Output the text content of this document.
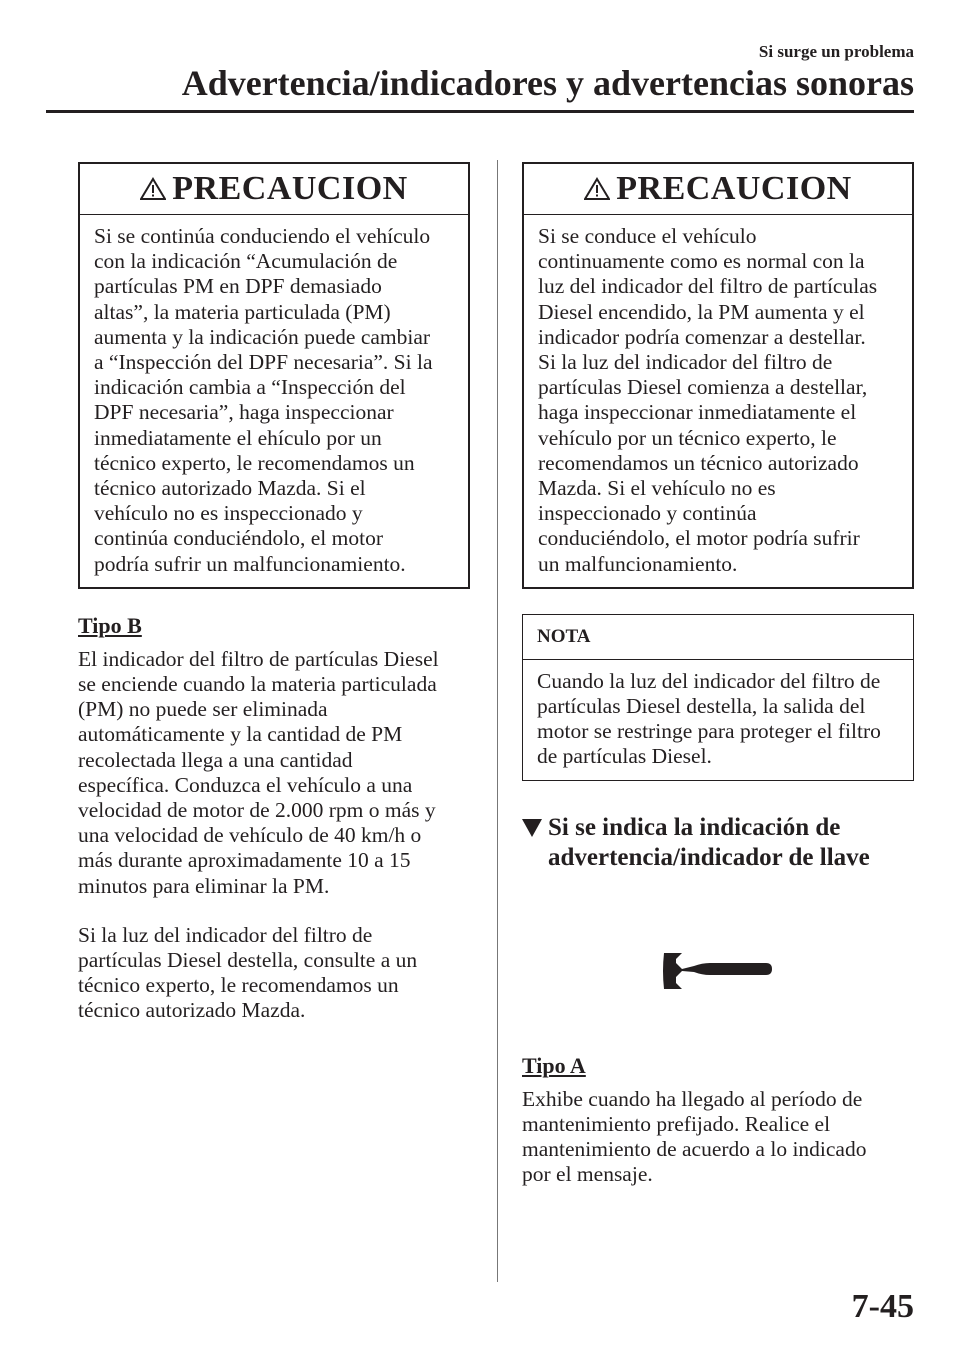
Si surge un problema
Advertencia/indicadores y advertencias sonoras
PRECAUCION
Si se continúa conduciendo el vehículo
con la indicación “Acumulación de
partículas PM en DPF demasiado
altas”, la materia particulada (PM)
aumenta y la indicación puede cambiar
a “Inspección del DPF necesaria”. Si la
indicación cambia a “Inspección del
DPF necesaria”, haga inspeccionar
inmediatamente el ehículo por un
técnico experto, le recomendamos un
técnico autorizado Mazda. Si el
vehículo no es inspeccionado y
continúa conduciéndolo, el motor
podría sufrir un malfuncionamiento.
Tipo B
El indicador del filtro de partículas Diesel
se enciende cuando la materia particulada
(PM) no puede ser eliminada
automáticamente y la cantidad de PM
recolectada llega a una cantidad
específica. Conduzca el vehículo a una
velocidad de motor de 2.000 rpm o más y
una velocidad de vehículo de 40 km/h o
más durante aproximadamente 10 a 15
minutos para eliminar la PM.
Si la luz del indicador del filtro de
partículas Diesel destella, consulte a un
técnico experto, le recomendamos un
técnico autorizado Mazda.
PRECAUCION
Si se conduce el vehículo
continuamente como es normal con la
luz del indicador del filtro de partículas
Diesel encendido, la PM aumenta y el
indicador podría comenzar a destellar.
Si la luz del indicador del filtro de
partículas Diesel comienza a destellar,
haga inspeccionar inmediatamente el
vehículo por un técnico experto, le
recomendamos un técnico autorizado
Mazda. Si el vehículo no es
inspeccionado y continúa
conduciéndolo, el motor podría sufrir
un malfuncionamiento.
NOTA
Cuando la luz del indicador del filtro de
partículas Diesel destella, la salida del
motor se restringe para proteger el filtro
de partículas Diesel.
Si se indica la indicación de
advertencia/indicador de llave
Tipo A
Exhibe cuando ha llegado al período de
mantenimiento prefijado. Realice el
mantenimiento de acuerdo a lo indicado
por el mensaje.
7-45
